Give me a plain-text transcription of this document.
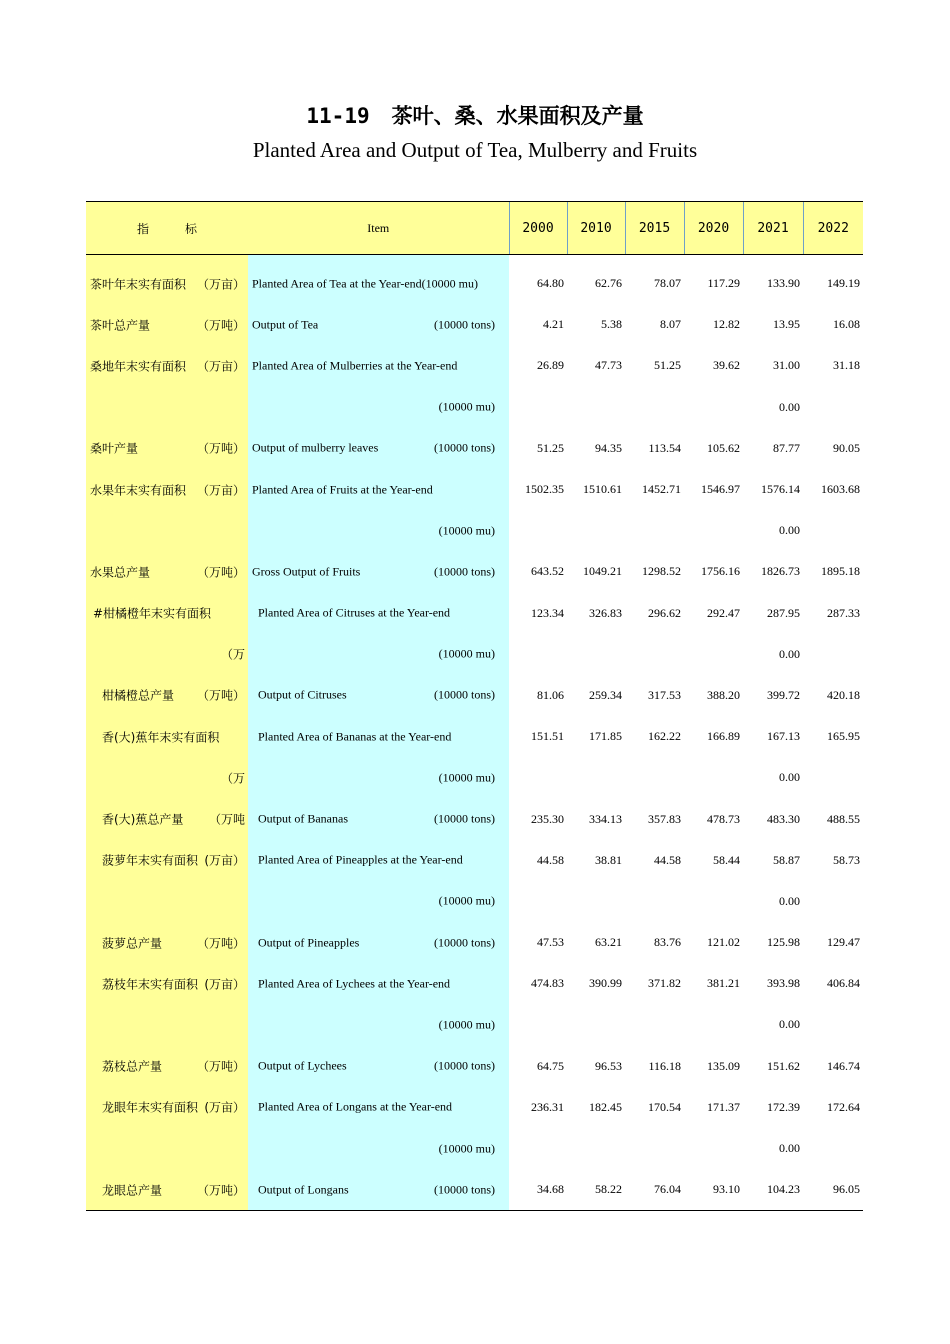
11-19 茶叶、桑、水果面积及产量
Planted Area and Output of Tea, Mulberry and Fruits
指　　　标	Item	2000	2010	2015	2020	2021	2022

茶叶年末实有面积 （万亩）	Planted Area of Tea at the Year-end(10000 mu)	64.80	62.76	78.07	117.29	133.90	149.19

茶叶总产量 （万吨）	Output of Tea (10000 tons)	4.21	5.38	8.07	12.82	13.95	16.08

桑地年末实有面积 （万亩）	Planted Area of Mulberries at the Year-end	26.89	47.73	51.25	39.62	31.00	31.18

	(10000 mu)					0.00	

桑叶产量 （万吨）	Output of mulberry leaves (10000 tons)	51.25	94.35	113.54	105.62	87.77	90.05

水果年末实有面积 （万亩）	Planted Area of Fruits at the Year-end	1502.35	1510.61	1452.71	1546.97	1576.14	1603.68

	(10000 mu)					0.00	

水果总产量 （万吨）	Gross Output of Fruits (10000 tons)	643.52	1049.21	1298.52	1756.16	1826.73	1895.18

#柑橘橙年末实有面积	Planted Area of Citruses at the Year-end	123.34	326.83	296.62	292.47	287.95	287.33

（万	(10000 mu)					0.00	

柑橘橙总产量 （万吨）	Output of Citruses (10000 tons)	81.06	259.34	317.53	388.20	399.72	420.18

香(大)蕉年末实有面积	Planted Area of Bananas at the Year-end	151.51	171.85	162.22	166.89	167.13	165.95

（万	(10000 mu)					0.00	

香(大)蕉总产量 （万吨	Output of Bananas (10000 tons)	235.30	334.13	357.83	478.73	483.30	488.55

菠萝年末实有面积 (万亩）	Planted Area of Pineapples at the Year-end	44.58	38.81	44.58	58.44	58.87	58.73

	(10000 mu)					0.00	

菠萝总产量 （万吨）	Output of Pineapples (10000 tons)	47.53	63.21	83.76	121.02	125.98	129.47

荔枝年末实有面积 (万亩）	Planted Area of Lychees at the Year-end	474.83	390.99	371.82	381.21	393.98	406.84

	(10000 mu)					0.00	

荔枝总产量 （万吨）	Output of Lychees (10000 tons)	64.75	96.53	116.18	135.09	151.62	146.74

龙眼年末实有面积 (万亩）	Planted Area of Longans at the Year-end	236.31	182.45	170.54	171.37	172.39	172.64

	(10000 mu)					0.00	

龙眼总产量 （万吨）	Output of Longans (10000 tons)	34.68	58.22	76.04	93.10	104.23	96.05
